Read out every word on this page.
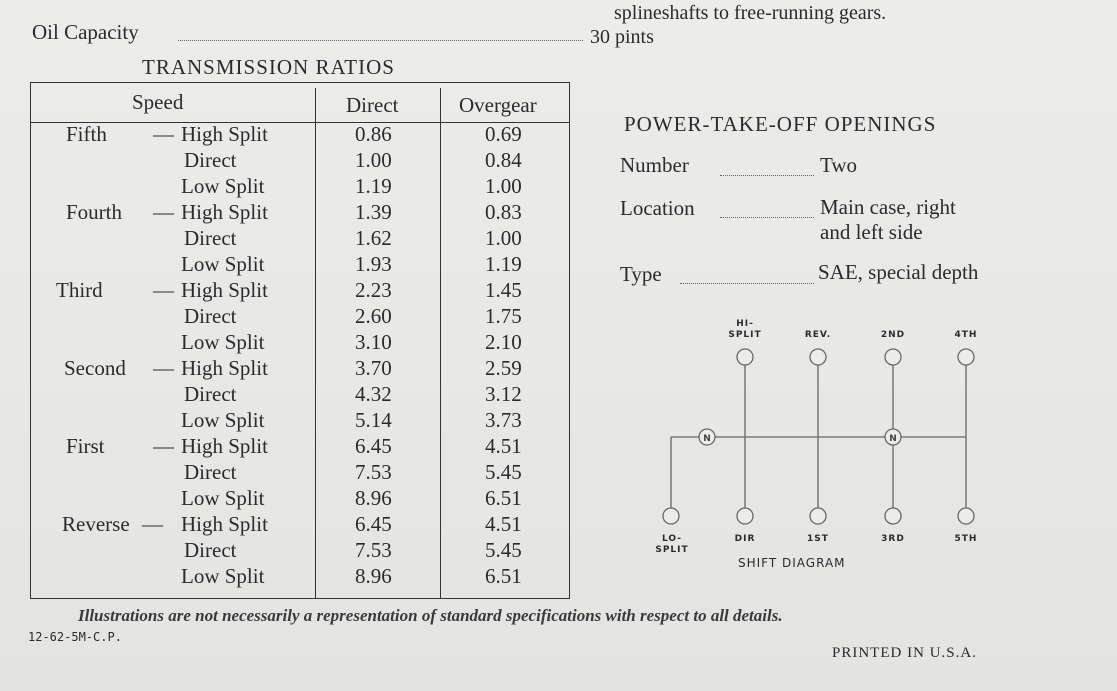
splineshafts to free-running gears.
Oil Capacity	30 pints
TRANSMISSION RATIOS
Speed	Direct	Overgear
Fifth — High Split	0.86	0.69
Direct	1.00	0.84
Low Split	1.19	1.00
Fourth — High Split	1.39	0.83
Direct	1.62	1.00
Low Split	1.93	1.19
Third — High Split	2.23	1.45
Direct	2.60	1.75
Low Split	3.10	2.10
Second — High Split	3.70	2.59
Direct	4.32	3.12
Low Split	5.14	3.73
First — High Split	6.45	4.51
Direct	7.53	5.45
Low Split	8.96	6.51
Reverse — High Split	6.45	4.51
Direct	7.53	5.45
Low Split	8.96	6.51
POWER-TAKE-OFF OPENINGS
Number	Two
Location	Main case, right
and left side
Type	SAE, special depth
N	N
HI-
SPLIT	REV.	2ND	4TH
LO-
SPLIT
DIR	1ST	3RD	5TH
SHIFT DIAGRAM
Illustrations are not necessarily a representation of standard specifications with respect to all details.
12-62-5M-C.P.
PRINTED IN U.S.A.
